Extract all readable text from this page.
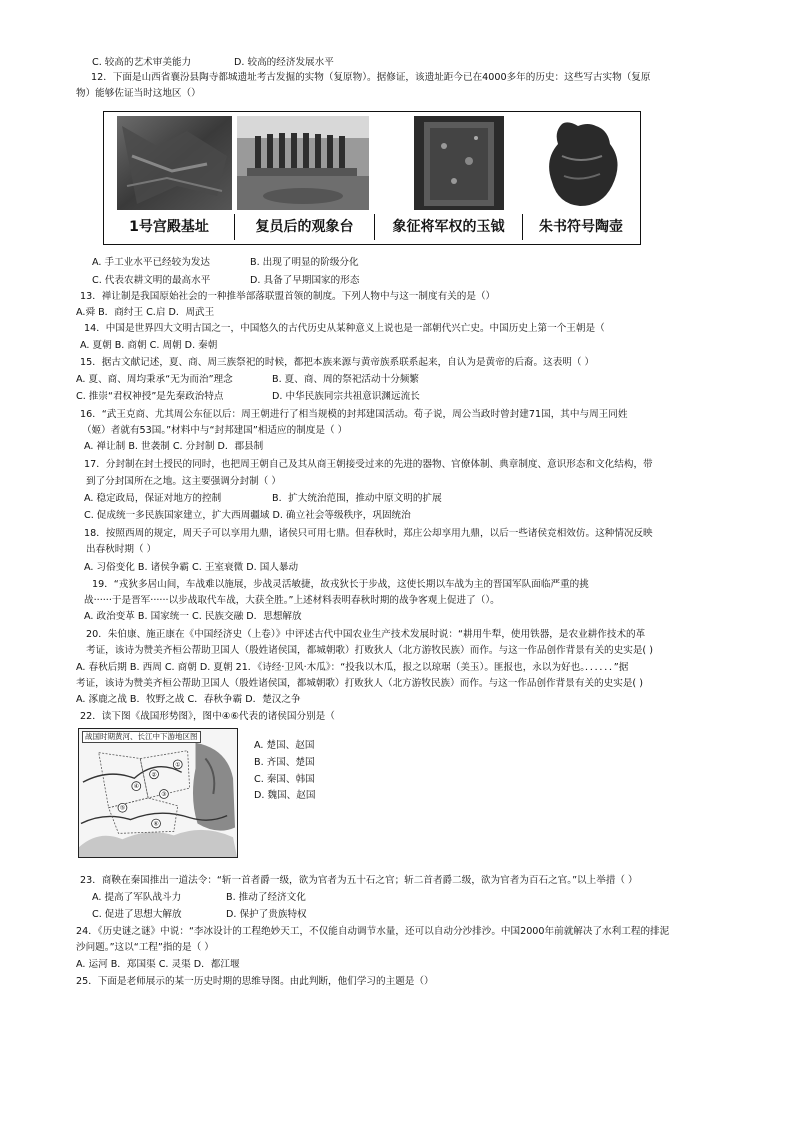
C. 较高的艺术审美能力	D. 较高的经济发展水平
12．下面是山西省襄汾县陶寺都城遗址考古发掘的实物（复原物）。据修证，该遗址距今已在4000多年的历史：这些写古实物（复原
物）能够佐证当时这地区（）
1号宫殿基址	复员后的观象台	象征将军权的玉钺	朱书符号陶壶
A. 手工业水平已经较为发达	B. 出现了明显的阶级分化
C. 代表农耕文明的最高水平	D. 具备了早期国家的形态
13．禅让制是我国原始社会的一种推举部落联盟首领的制度。下列人物中与这一制度有关的是（）
A.舜 B．商纣王 C.启 D．周武王
14．中国是世界四大文明古国之一，中国悠久的古代历史从某种意义上说也是一部朝代兴亡史。中国历史上第一个王朝是（
A. 夏朝 B. 商朝 C. 周朝 D. 秦朝
15．据古文献记述，夏、商、周三族祭祀的时候，都把本族来源与黄帝族系联系起来，自认为是黄帝的后裔。这表明（ ）
A. 夏、商、周均秉承“无为而治”理念	B. 夏、商、周的祭祀活动十分频繁
C. 推崇“君权神授”是先秦政治特点	D. 中华民族同宗共祖意识渊远流长
16．“武王克商、尤其周公东征以后：周王朝进行了相当规模的封邦建国活动。荀子说，周公当政时曾封建71国，其中与周王同姓
（姬）者就有53国。”材料中与“封邦建国”相适应的制度是（ ）
A. 禅让制 B. 世袭制 C. 分封制 D．郡县制
17．分封制在封土授民的同时，也把周王朝自己及其从商王朝接受过来的先进的器物、官僚体制、典章制度、意识形态和文化结构，带
到了分封国所在之地。这主要强调分封制（ ）
A. 稳定政局，保证对地方的控制	B．扩大统治范围，推动中原文明的扩展
C. 促成统一多民族国家建立，扩大西周疆域 D. 确立社会等级秩序，巩固统治
18．按照西周的规定，周天子可以享用九鼎，诸侯只可用七鼎。但春秋时，郑庄公却享用九鼎，以后一些诸侯竞相效仿。这种情况反映
出春秋时期（ ）
A. 习俗变化 B. 诸侯争霸 C. 王室衰微 D. 国人暴动
19．“戎狄多居山间，车战难以施展，步战灵活敏捷，故戎狄长于步战，这使长期以车战为主的晋国军队面临严重的挑
战······于是晋军······以步战取代车战，大获全胜。”上述材料表明春秋时期的战争客观上促进了（）。
A. 政治变革 B. 国家统一 C. 民族交融 D．思想解放
20．朱伯康、施正康在《中国经济史（上卷）》中评述古代中国农业生产技术发展时说：“耕用牛犁，使用铁器，是农业耕作技术的革
考证，该诗为赞美齐桓公帮助卫国人（殷姓诸侯国，都城朝歌）打败狄人（北方游牧民族）而作。与这一作品创作背景有关的史实是( )
A. 春秋后期 B. 西周 C. 商朝 D. 夏朝 21．《诗经·卫风·木瓜》：“投我以木瓜，报之以琼琚（美玉）。匪报也，永以为好也。．．．．．．”据
考证，该诗为赞美齐桓公帮助卫国人（殷姓诸侯国，都城朝歌）打败狄人（北方游牧民族）而作。与这一作品创作背景有关的史实是( )
A. 涿鹿之战 B．牧野之战 C．春秋争霸 D．楚汉之争
22．读下图《战国形势图》，图中④⑥代表的诸侯国分别是（
①
②
③
④
⑤
⑥
战国时期黄河、长江中下游地区图
A. 楚国、赵国
B. 齐国、楚国
C. 秦国、韩国
D. 魏国、赵国
23．商鞅在秦国推出一道法令：“斩一首者爵一级，欲为官者为五十石之官；斩二首者爵二级，欲为官者为百石之官。”以上举措（ ）
A. 提高了军队战斗力	B. 推动了经济文化
C. 促进了思想大解放	D. 保护了贵族特权
24．《历史谜之谜》中说：“李冰设计的工程绝妙天工，不仅能自动调节水量，还可以自动分沙排沙。中国2000年前就解决了水利工程的排泥
沙问题。”这以“工程”指的是（ ）
A. 运河 B．郑国渠 C. 灵渠 D．都江堰
25．下面是老师展示的某一历史时期的思维导图。由此判断，他们学习的主题是（）
